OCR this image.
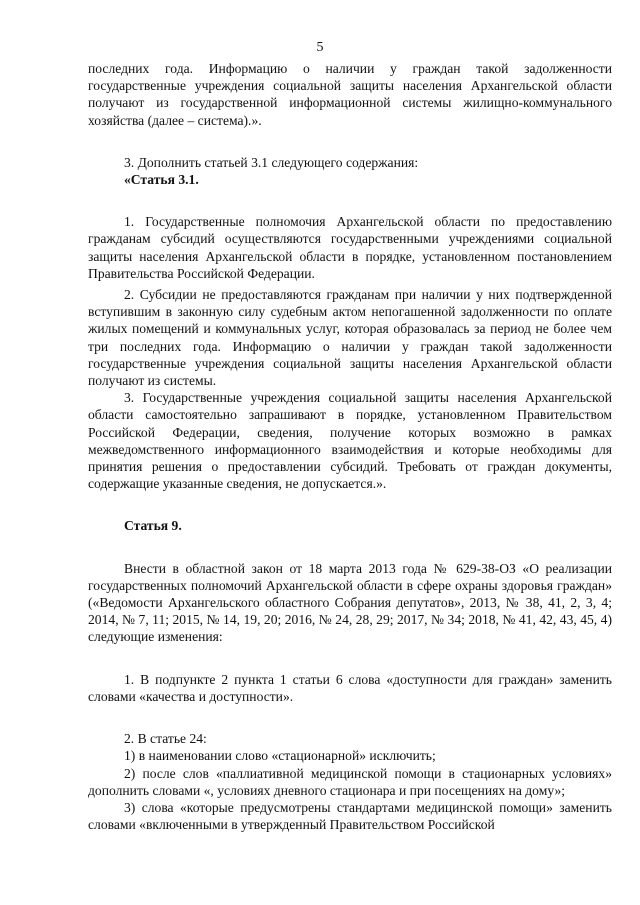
5

последних года. Информацию о наличии у граждан такой задолженности государственные учреждения социальной защиты населения Архангельской области получают из государственной информационной системы жилищно-коммунального хозяйства (далее – система).».

3. Дополнить статьей 3.1 следующего содержания:

«Статья 3.1.

1. Государственные полномочия Архангельской области по предоставлению гражданам субсидий осуществляются государственными учреждениями социальной защиты населения Архангельской области в порядке, установленном постановлением Правительства Российской Федерации.

2. Субсидии не предоставляются гражданам при наличии у них подтвержденной вступившим в законную силу судебным актом непогашенной задолженности по оплате жилых помещений и коммунальных услуг, которая образовалась за период не более чем три последних года. Информацию о наличии у граждан такой задолженности государственные учреждения социальной защиты населения Архангельской области получают из системы.

3. Государственные учреждения социальной защиты населения Архангельской области самостоятельно запрашивают в порядке, установленном Правительством Российской Федерации, сведения, получение которых возможно в рамках межведомственного информационного взаимодействия и которые необходимы для принятия решения о предоставлении субсидий. Требовать от граждан документы, содержащие указанные сведения, не допускается.».

Статья 9.

Внести в областной закон от 18 марта 2013 года № 629-38-ОЗ «О реализации государственных полномочий Архангельской области в сфере охраны здоровья граждан» («Ведомости Архангельского областного Собрания депутатов», 2013, № 38, 41, 2, 3, 4; 2014, № 7, 11; 2015, № 14, 19, 20; 2016, № 24, 28, 29; 2017, № 34; 2018, № 41, 42, 43, 45, 4) следующие изменения:

1. В подпункте 2 пункта 1 статьи 6 слова «доступности для граждан» заменить словами «качества и доступности».

2. В статье 24:

1) в наименовании слово «стационарной» исключить;

2) после слов «паллиативной медицинской помощи в стационарных условиях» дополнить словами «, условиях дневного стационара и при посещениях на дому»;

3) слова «которые предусмотрены стандартами медицинской помощи» заменить словами «включенными в утвержденный Правительством Российской
